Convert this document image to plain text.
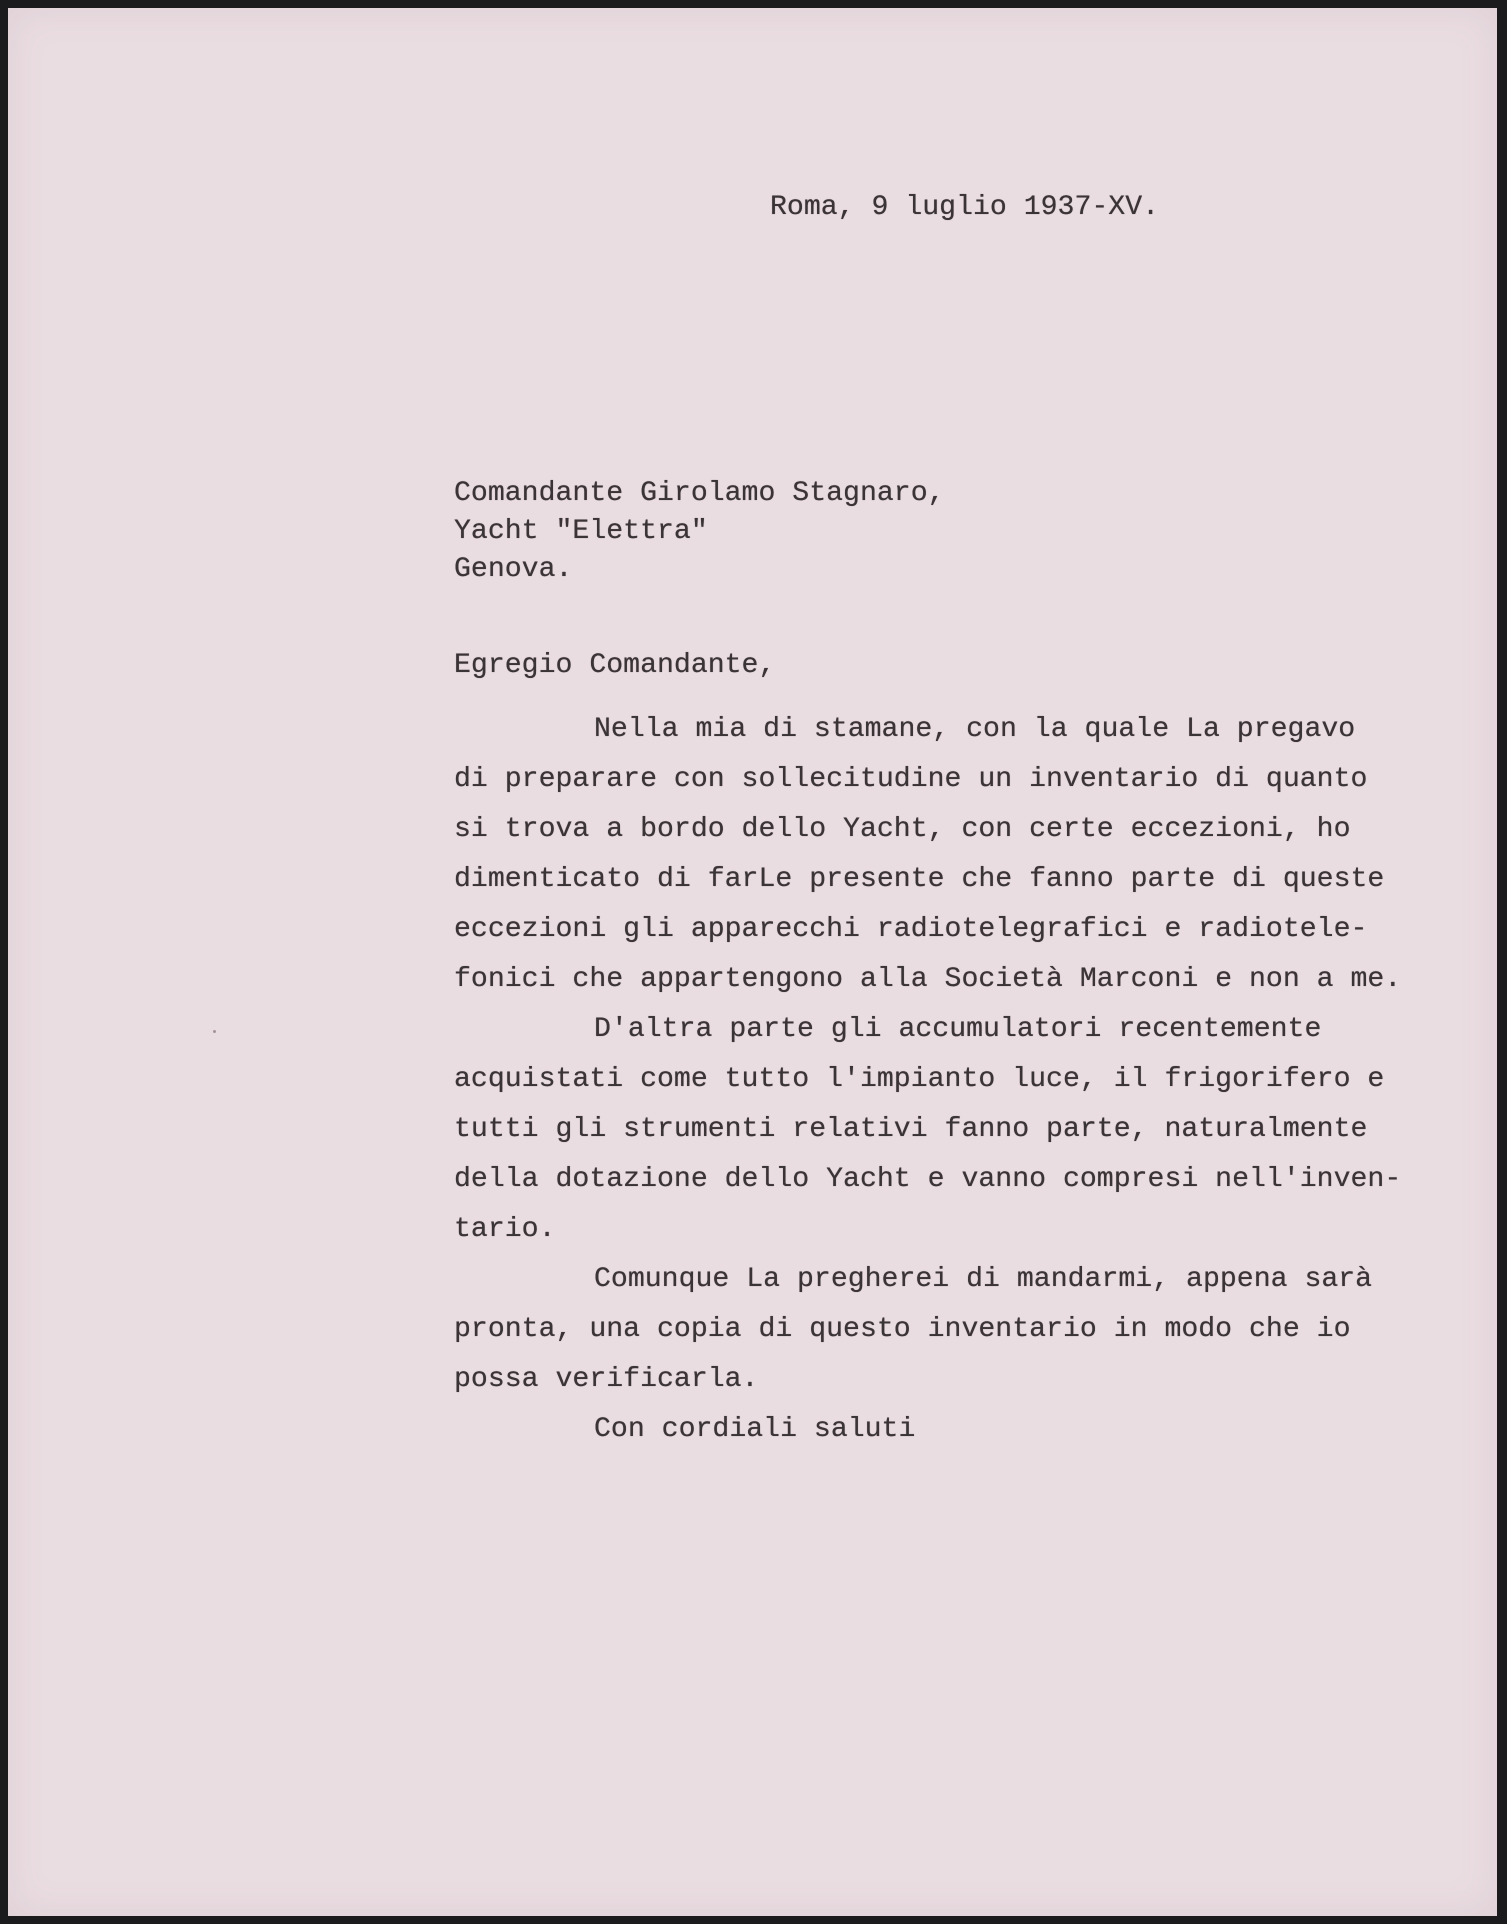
Roma, 9 luglio 1937-XV.
Comandante Girolamo Stagnaro,
Yacht "Elettra"
Genova.
Egregio Comandante,
Nella mia di stamane, con la quale La pregavo
di preparare con sollecitudine un inventario di quanto
si trova a bordo dello Yacht, con certe eccezioni, ho
dimenticato di farLe presente che fanno parte di queste
eccezioni gli apparecchi radiotelegrafici e radiotele-
fonici che appartengono alla Società Marconi e non a me.
D'altra parte gli accumulatori recentemente
acquistati come tutto l'impianto luce, il frigorifero e
tutti gli strumenti relativi fanno parte, naturalmente
della dotazione dello Yacht e vanno compresi nell'inven-
tario.
Comunque La pregherei di mandarmi, appena sarà
pronta, una copia di questo inventario in modo che io
possa verificarla.
Con cordiali saluti
